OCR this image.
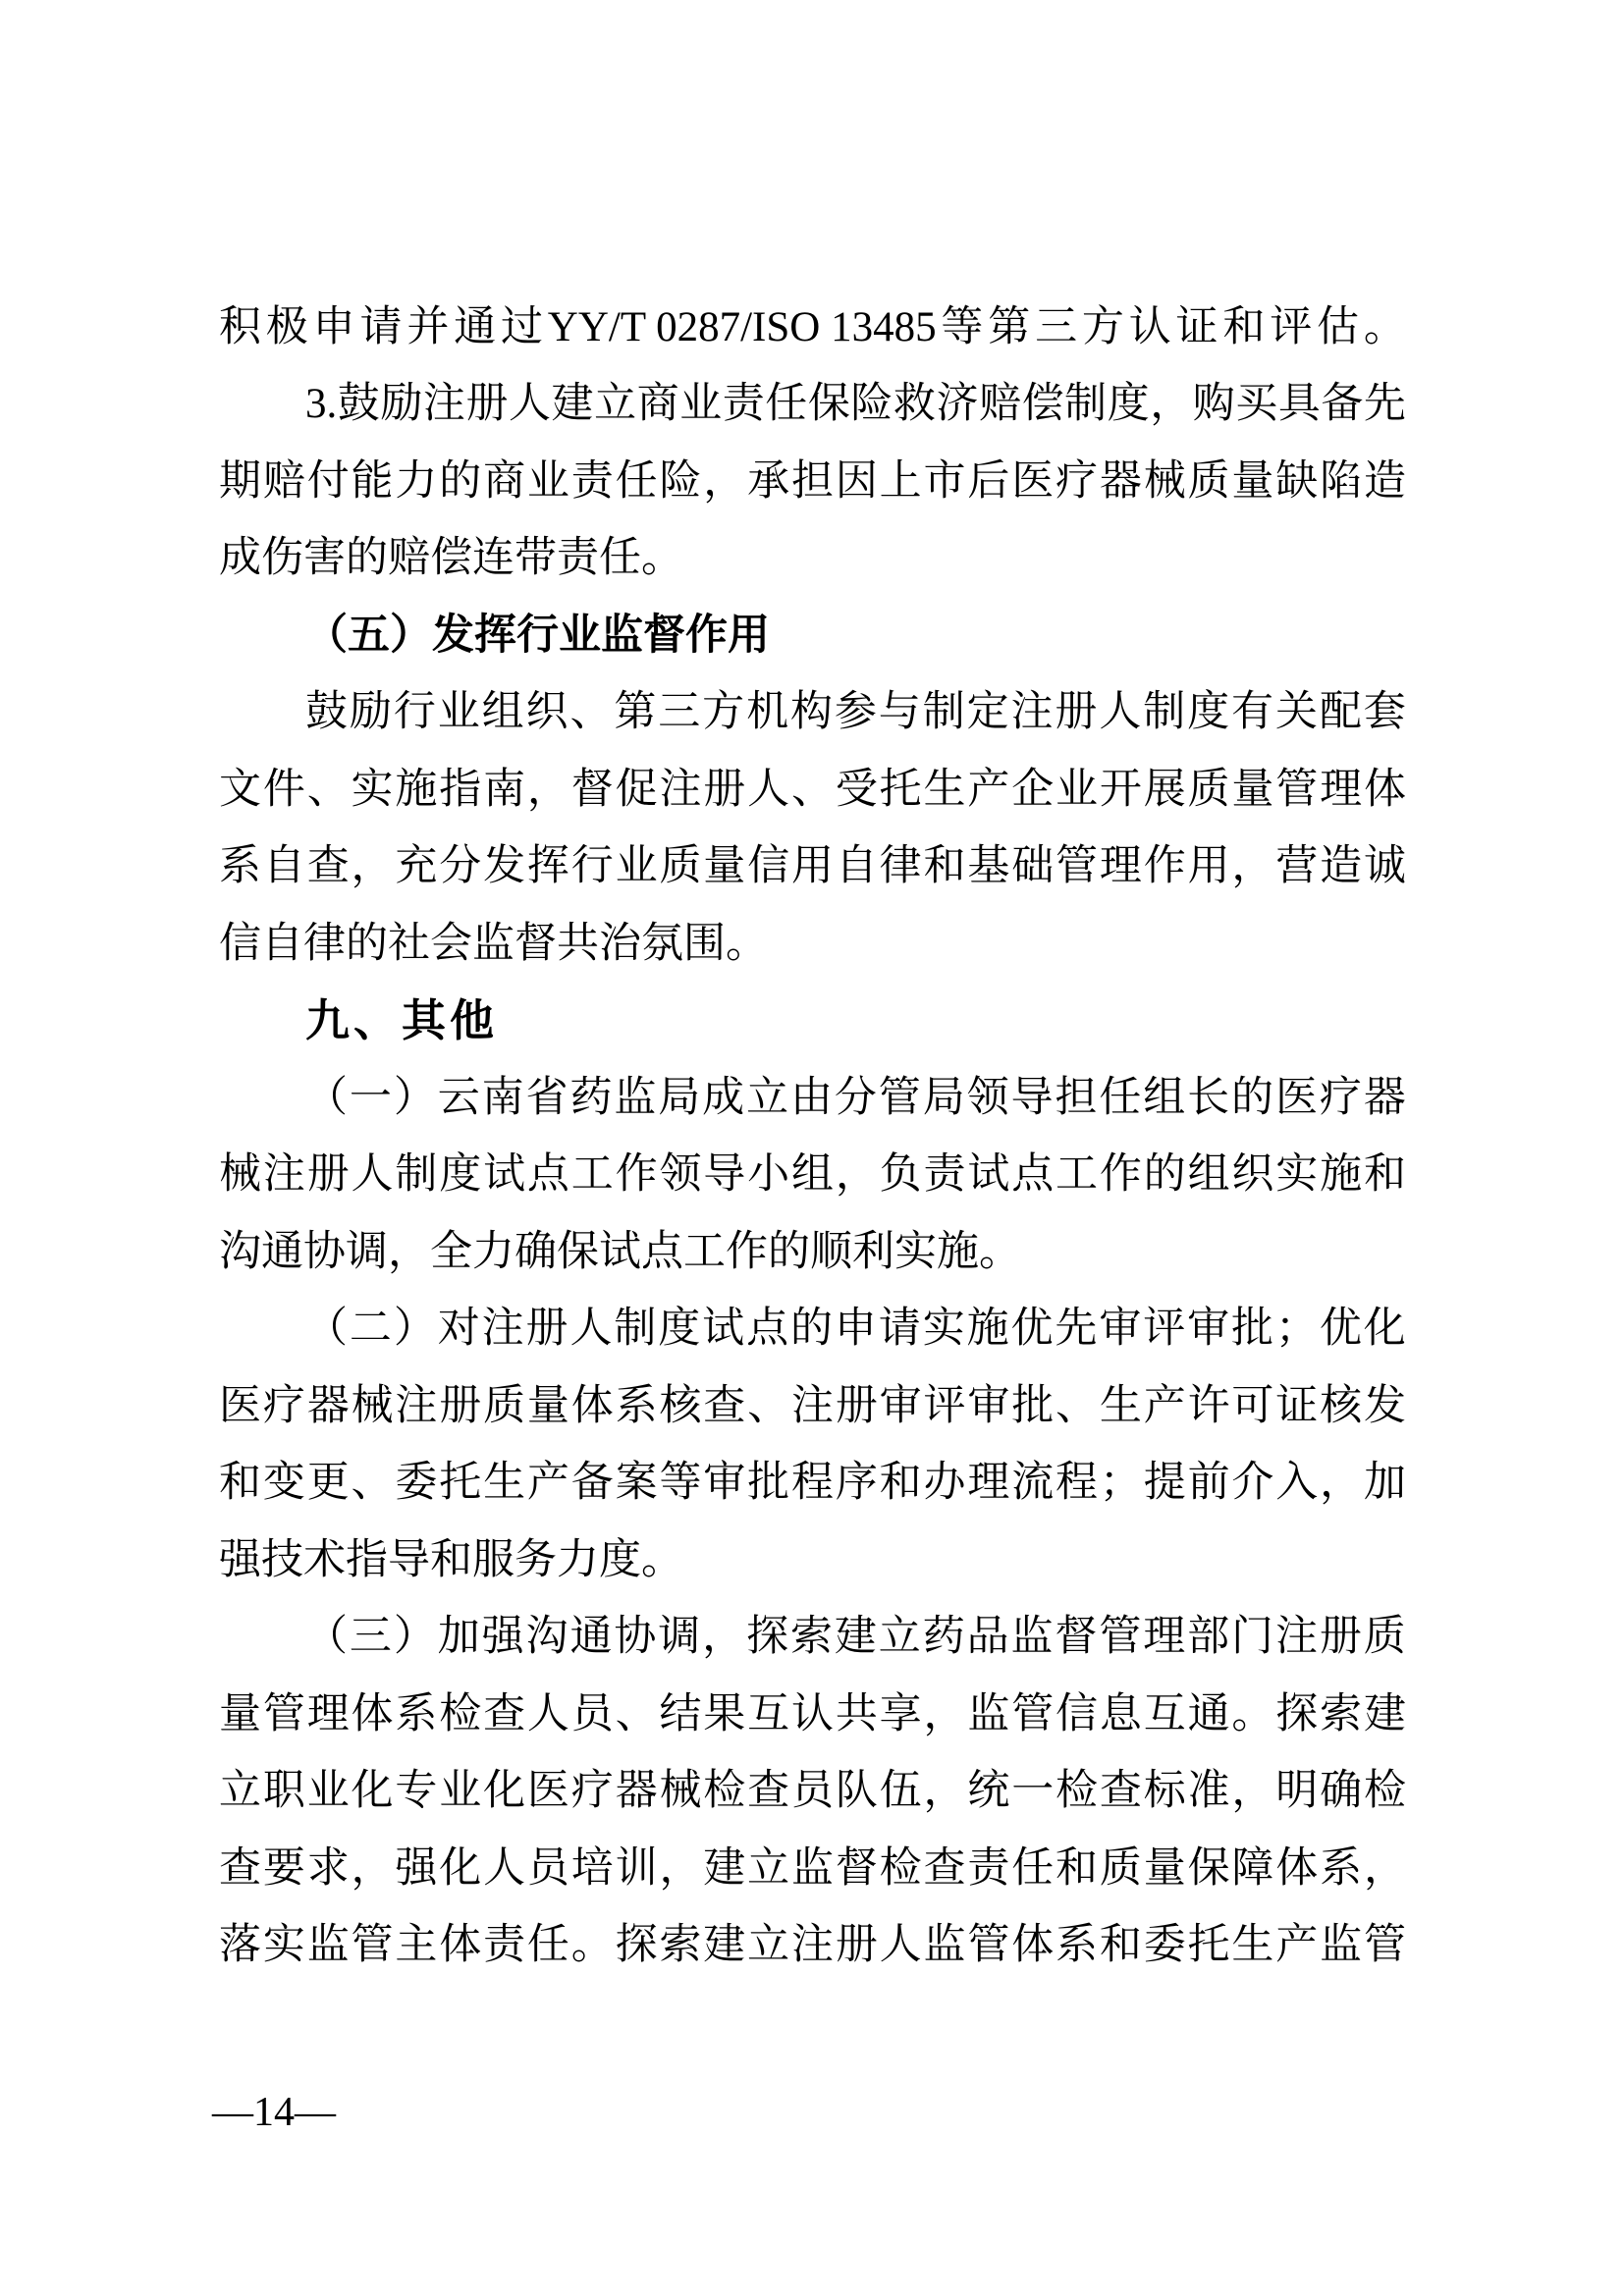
积 极 申 请 并 通 过 YY/T 0287/ISO 13485 等 第 三 方 认 证 和 评 估 。
3. 鼓 励 注 册 人 建 立 商 业 责 任 保 险 救 济 赔 偿 制 度 ， 购 买 具 备 先
期 赔 付 能 力 的 商 业 责 任 险 ， 承 担 因 上 市 后 医 疗 器 械 质 量 缺 陷 造
成伤害的赔偿连带责任。
（五）发挥行业监督作用
鼓 励 行 业 组 织 、 第 三 方 机 构 参 与 制 定 注 册 人 制 度 有 关 配 套
文 件 、 实 施 指 南 ， 督 促 注 册 人 、 受 托 生 产 企 业 开 展 质 量 管 理 体
系 自 查 ， 充 分 发 挥 行 业 质 量 信 用 自 律 和 基 础 管 理 作 用 ， 营 造 诚
信自律的社会监督共治氛围。
九、其他
（ 一 ） 云 南 省 药 监 局 成 立 由 分 管 局 领 导 担 任 组 长 的 医 疗 器
械 注 册 人 制 度 试 点 工 作 领 导 小 组 ， 负 责 试 点 工 作 的 组 织 实 施 和
沟通协调，全力确保试点工作的顺利实施。
（ 二 ） 对 注 册 人 制 度 试 点 的 申 请 实 施 优 先 审 评 审 批 ； 优 化
医 疗 器 械 注 册 质 量 体 系 核 查 、 注 册 审 评 审 批 、 生 产 许 可 证 核 发
和 变 更 、 委 托 生 产 备 案 等 审 批 程 序 和 办 理 流 程 ； 提 前 介 入 ， 加
强技术指导和服务力度。
（ 三 ） 加 强 沟 通 协 调 ， 探 索 建 立 药 品 监 督 管 理 部 门 注 册 质
量 管 理 体 系 检 查 人 员 、 结 果 互 认 共 享 ， 监 管 信 息 互 通 。 探 索 建
立 职 业 化 专 业 化 医 疗 器 械 检 查 员 队 伍 ， 统 一 检 查 标 准 ， 明 确 检
查 要 求 ， 强 化 人 员 培 训 ， 建 立 监 督 检 查 责 任 和 质 量 保 障 体 系 ，
落 实 监 管 主 体 责 任 。 探 索 建 立 注 册 人 监 管 体 系 和 委 托 生 产 监 管
—14—
